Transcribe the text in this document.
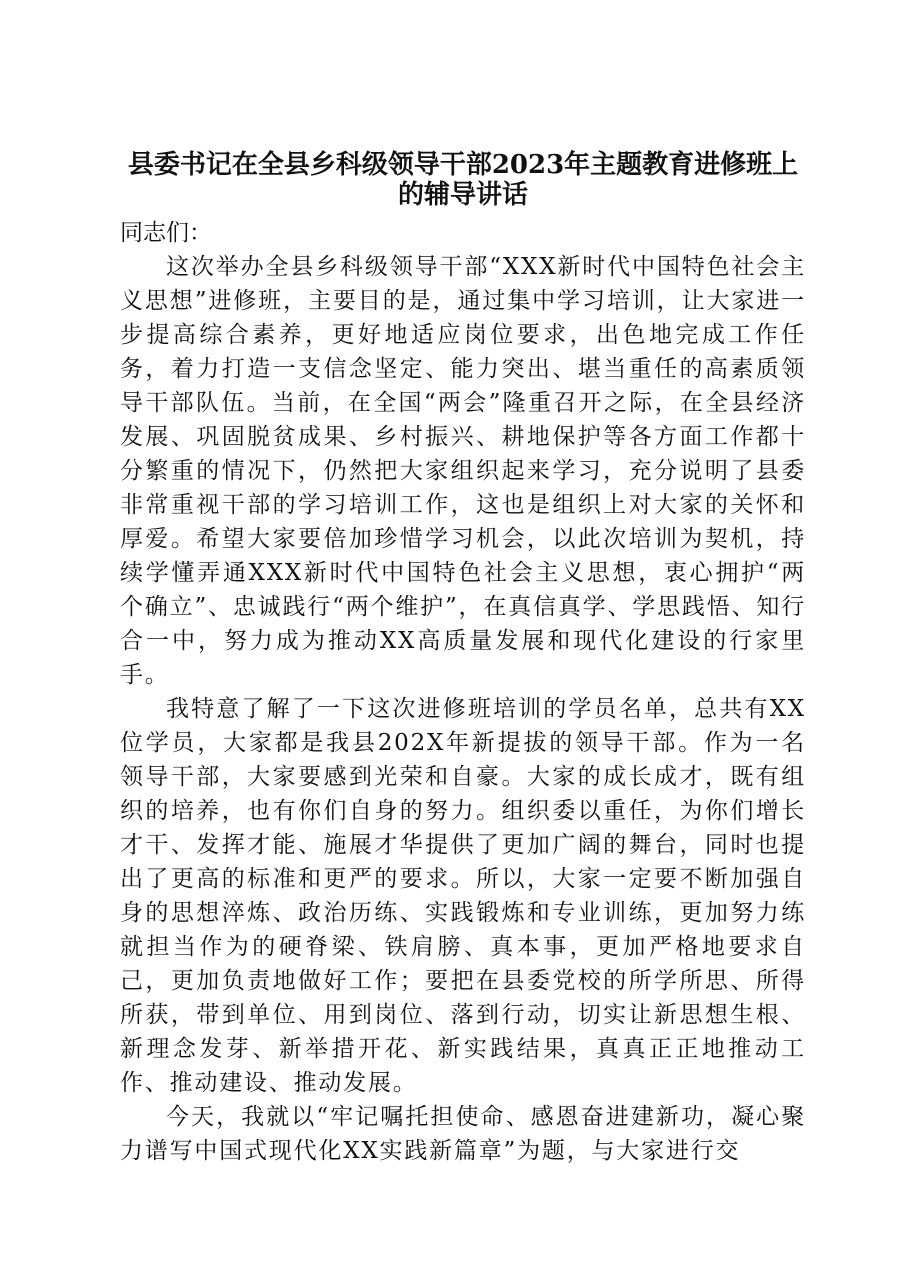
县委书记在全县乡科级领导干部2023年主题教育进修班上的辅导讲话

同志们：

这次举办全县乡科级领导干部“XXX新时代中国特色社会主义思想”进修班，主要目的是，通过集中学习培训，让大家进一步提高综合素养，更好地适应岗位要求，出色地完成工作任务，着力打造一支信念坚定、能力突出、堪当重任的高素质领导干部队伍。当前，在全国“两会”隆重召开之际，在全县经济发展、巩固脱贫成果、乡村振兴、耕地保护等各方面工作都十分繁重的情况下，仍然把大家组织起来学习，充分说明了县委非常重视干部的学习培训工作，这也是组织上对大家的关怀和厚爱。希望大家要倍加珍惜学习机会，以此次培训为契机，持续学懂弄通XXX新时代中国特色社会主义思想，衷心拥护“两个确立”、忠诚践行“两个维护”，在真信真学、学思践悟、知行合一中，努力成为推动XX高质量发展和现代化建设的行家里手。

我特意了解了一下这次进修班培训的学员名单，总共有XX位学员，大家都是我县202X年新提拔的领导干部。作为一名领导干部，大家要感到光荣和自豪。大家的成长成才，既有组织的培养，也有你们自身的努力。组织委以重任，为你们增长才干、发挥才能、施展才华提供了更加广阔的舞台，同时也提出了更高的标准和更严的要求。所以，大家一定要不断加强自身的思想淬炼、政治历练、实践锻炼和专业训练，更加努力练就担当作为的硬脊梁、铁肩膀、真本事，更加严格地要求自己，更加负责地做好工作；要把在县委党校的所学所思、所得所获，带到单位、用到岗位、落到行动，切实让新思想生根、新理念发芽、新举措开花、新实践结果，真真正正地推动工作、推动建设、推动发展。

今天，我就以“牢记嘱托担使命、感恩奋进建新功，凝心聚力谱写中国式现代化XX实践新篇章”为题，与大家进行交
